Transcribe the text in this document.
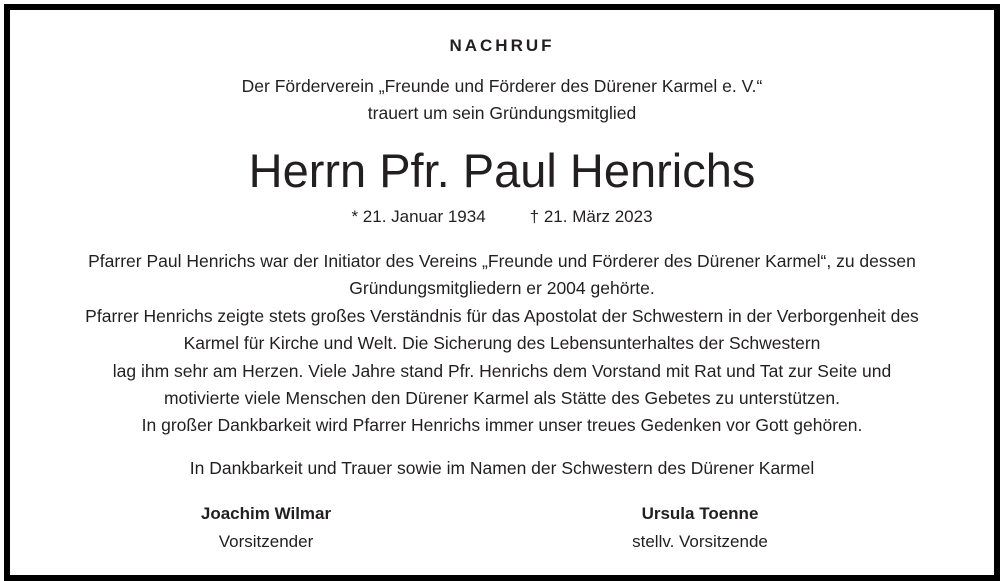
NACHRUF
Der Förderverein „Freunde und Förderer des Dürener Karmel e. V.“
trauert um sein Gründungsmitglied
Herrn Pfr. Paul Henrichs
* 21. Januar 1934	† 21. März 2023
Pfarrer Paul Henrichs war der Initiator des Vereins „Freunde und Förderer des Dürener Karmel“, zu dessen
Gründungsmitgliedern er 2004 gehörte.
Pfarrer Henrichs zeigte stets großes Verständnis für das Apostolat der Schwestern in der Verborgenheit des
Karmel für Kirche und Welt. Die Sicherung des Lebensunterhaltes der Schwestern
lag ihm sehr am Herzen. Viele Jahre stand Pfr. Henrichs dem Vorstand mit Rat und Tat zur Seite und
motivierte viele Menschen den Dürener Karmel als Stätte des Gebetes zu unterstützen.
In großer Dankbarkeit wird Pfarrer Henrichs immer unser treues Gedenken vor Gott gehören.
In Dankbarkeit und Trauer sowie im Namen der Schwestern des Dürener Karmel
Joachim Wilmar
Vorsitzender
Ursula Toenne
stellv. Vorsitzende
